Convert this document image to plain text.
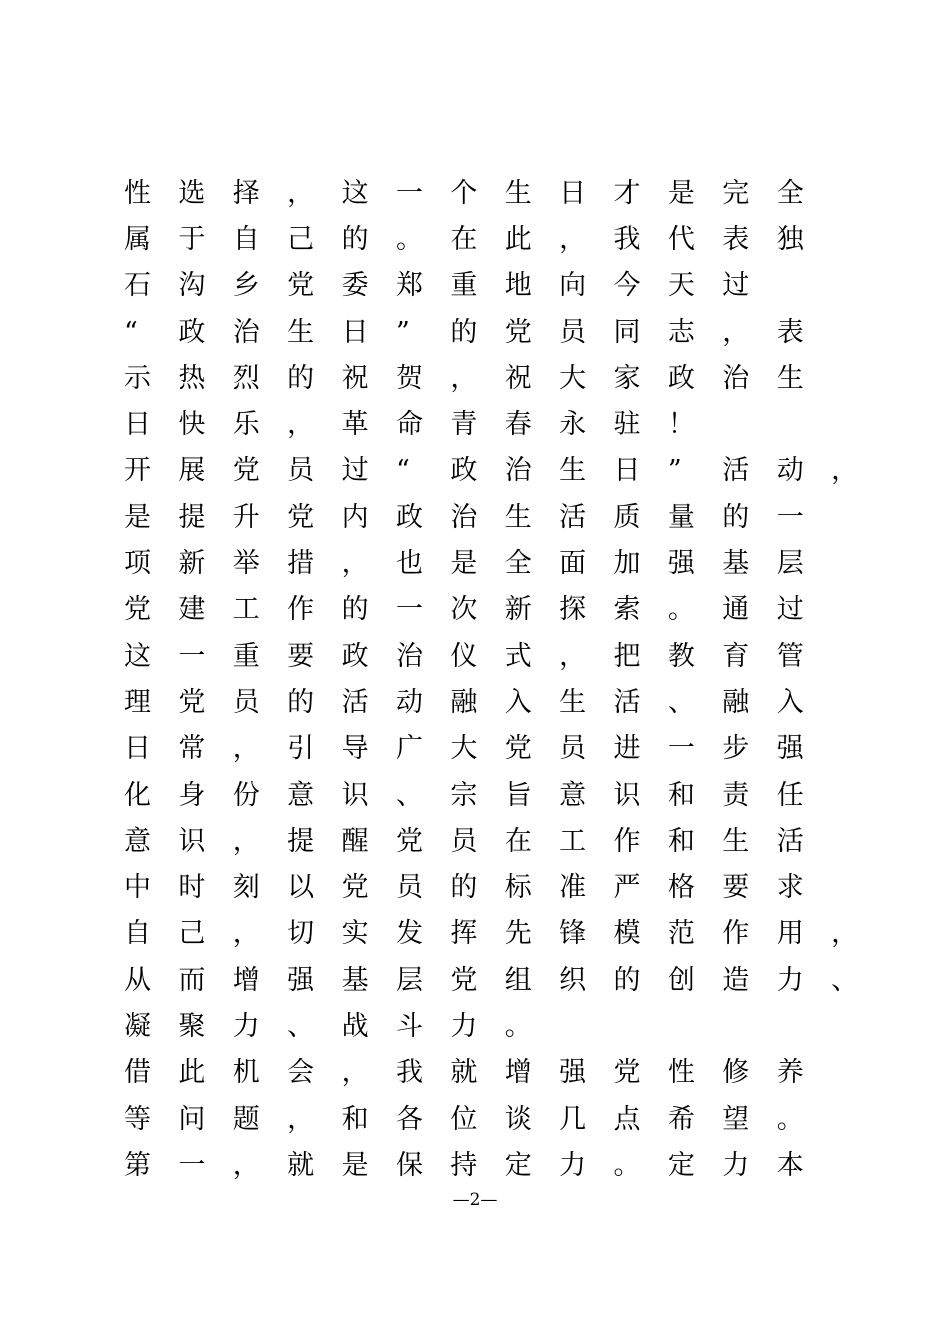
性	选	择	，	这	一	个	生	日	才	是	完	全
属	于	自	己	的	。	在	此	，	我	代	表	独
石	沟	乡	党	委	郑	重	地	向	今	天	过
“	政	治	生	日	”	的	党	员	同	志	，	表
示	热	烈	的	祝	贺	，	祝	大	家	政	治	生
日	快	乐	，	革	命	青	春	永	驻	！
开	展	党	员	过	“	政	治	生	日	”	活	动	，
是	提	升	党	内	政	治	生	活	质	量	的	一
项	新	举	措	，	也	是	全	面	加	强	基	层
党	建	工	作	的	一	次	新	探	索	。	通	过
这	一	重	要	政	治	仪	式	，	把	教	育	管
理	党	员	的	活	动	融	入	生	活	、	融	入
日	常	，	引	导	广	大	党	员	进	一	步	强
化	身	份	意	识	、	宗	旨	意	识	和	责	任
意	识	，	提	醒	党	员	在	工	作	和	生	活
中	时	刻	以	党	员	的	标	准	严	格	要	求
自	己	，	切	实	发	挥	先	锋	模	范	作	用	，
从	而	增	强	基	层	党	组	织	的	创	造	力	、
凝	聚	力	、	战	斗	力	。
借	此	机	会	，	我	就	增	强	党	性	修	养
等	问	题	，	和	各	位	谈	几	点	希	望	。
第	一	，	就	是	保	持	定	力	。	定	力	本
—2—
